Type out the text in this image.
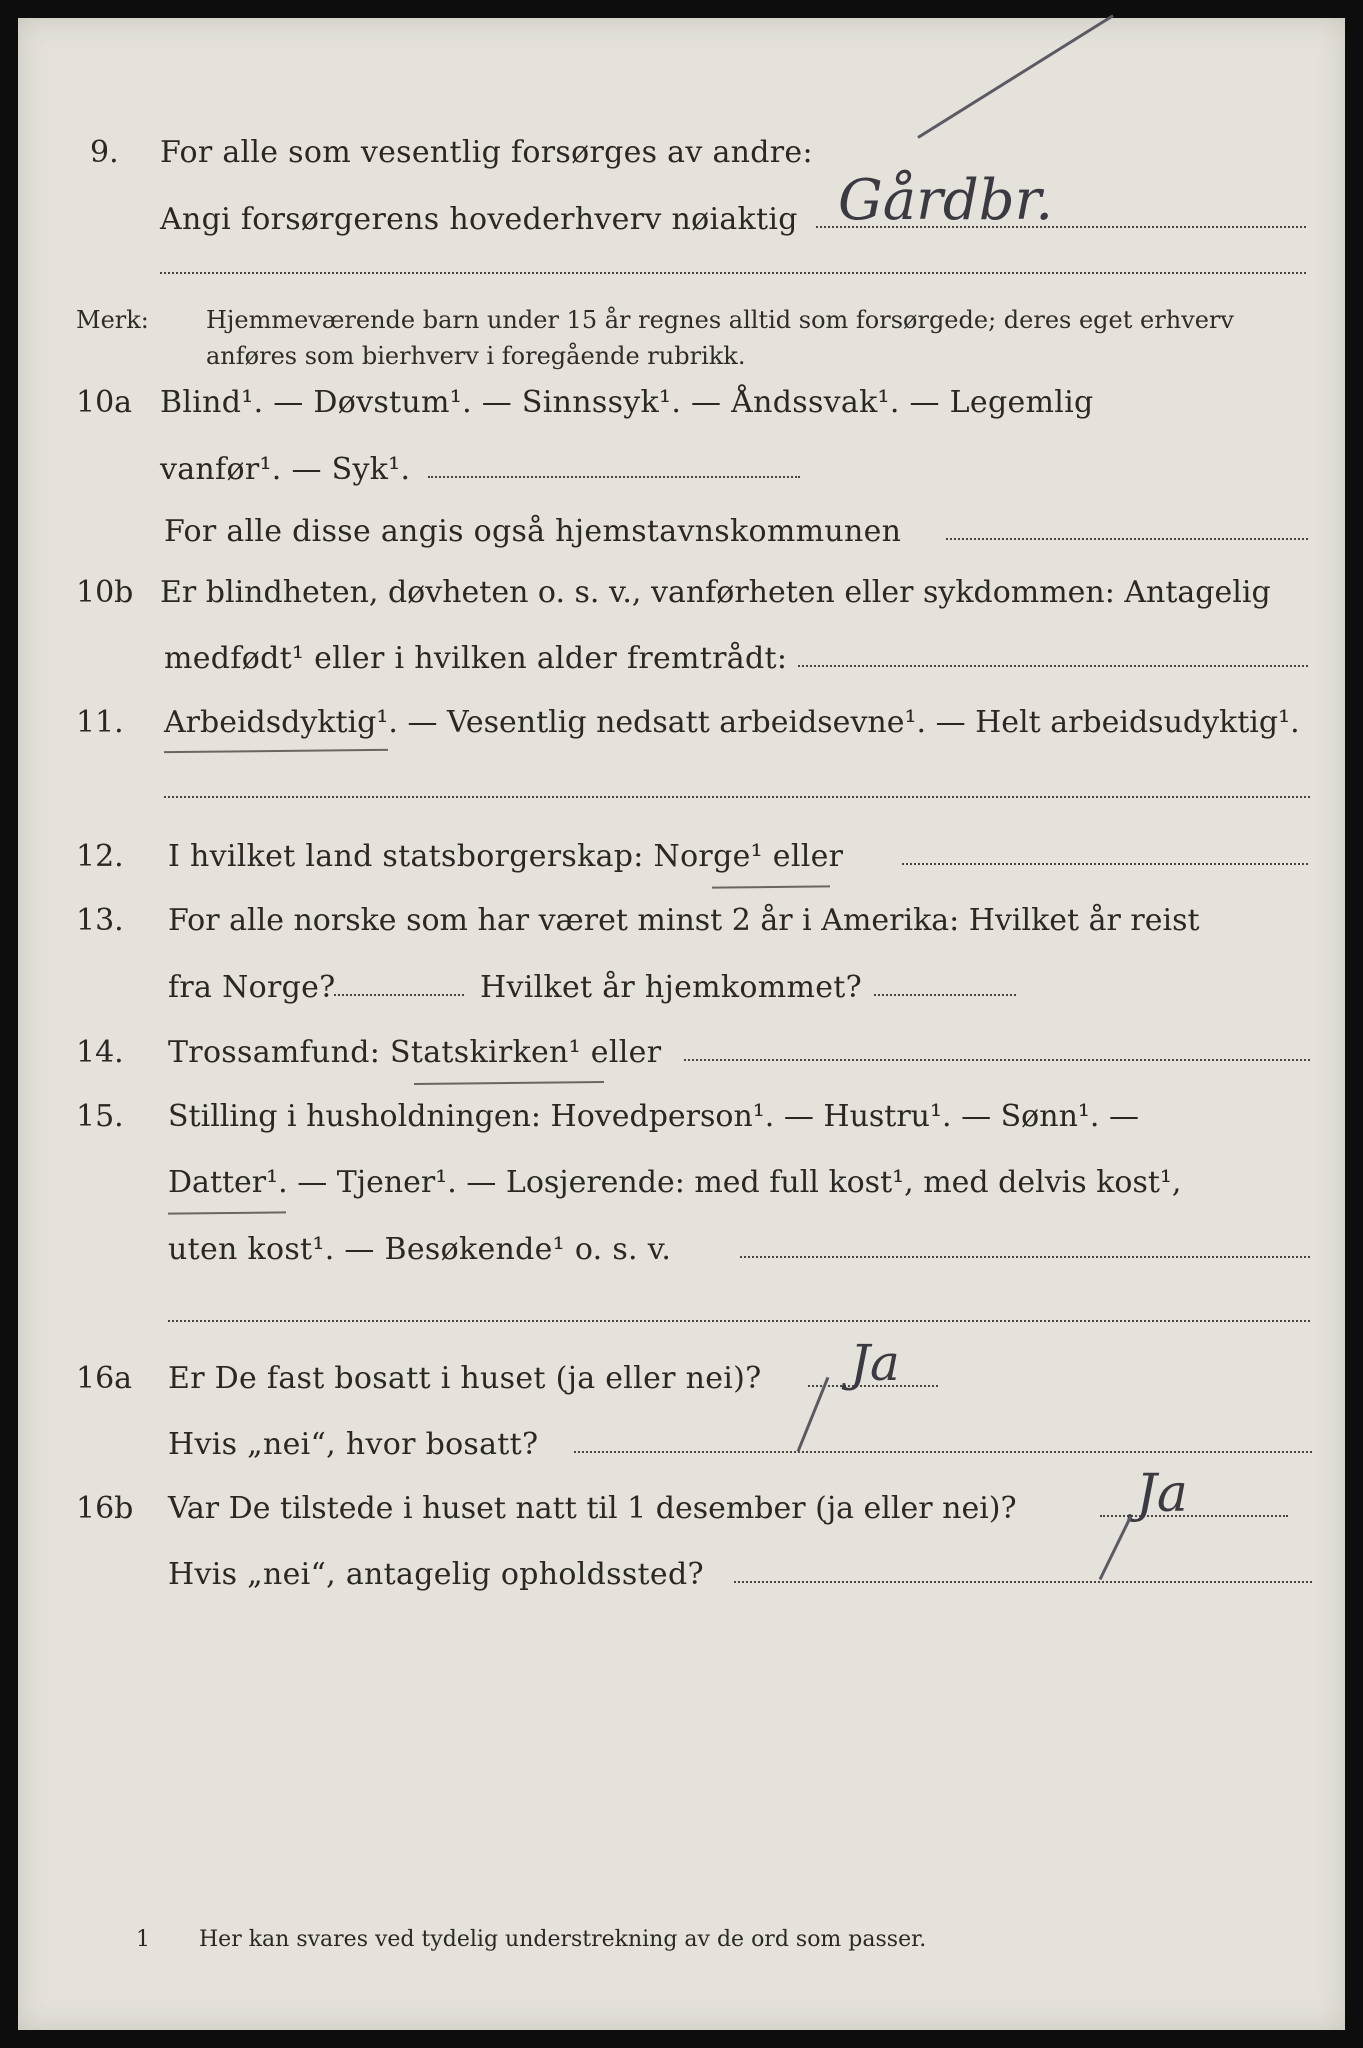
9. For alle som vesentlig forsørges av andre:
Angi forsørgerens hovederhverv nøiaktig Gårdbr.
Merk: Hjemmeværende barn under 15 år regnes alltid som forsørgede; deres eget erhverv anføres som bierhverv i foregående rubrikk.
10a Blind¹. — Døvstum¹. — Sinnssyk¹. — Åndssvak¹. — Legemlig
vanfør¹. — Syk¹.
For alle disse angis også hjemstavnskommunen
10b Er blindheten, døvheten o. s. v., vanførheten eller sykdommen: Antagelig
medfødt¹ eller i hvilken alder fremtrådt:
11. Arbeidsdyktig¹. — Vesentlig nedsatt arbeidsevne¹. — Helt arbeidsudyktig¹.
12. I hvilket land statsborgerskap: Norge¹ eller
13. For alle norske som har været minst 2 år i Amerika: Hvilket år reist
fra Norge?	Hvilket år hjemkommet?
14. Trossamfund: Statskirken¹ eller
15. Stilling i husholdningen: Hovedperson¹. — Hustru¹. — Sønn¹. —
Datter¹. — Tjener¹. — Losjerende: med full kost¹, med delvis kost¹,
uten kost¹. — Besøkende¹ o. s. v.
16a Er De fast bosatt i huset (ja eller nei)? Ja
Hvis „nei“, hvor bosatt?
16b Var De tilstede i huset natt til 1 desember (ja eller nei)? Ja
Hvis „nei“, antagelig opholdssted?
1 Her kan svares ved tydelig understrekning av de ord som passer.
